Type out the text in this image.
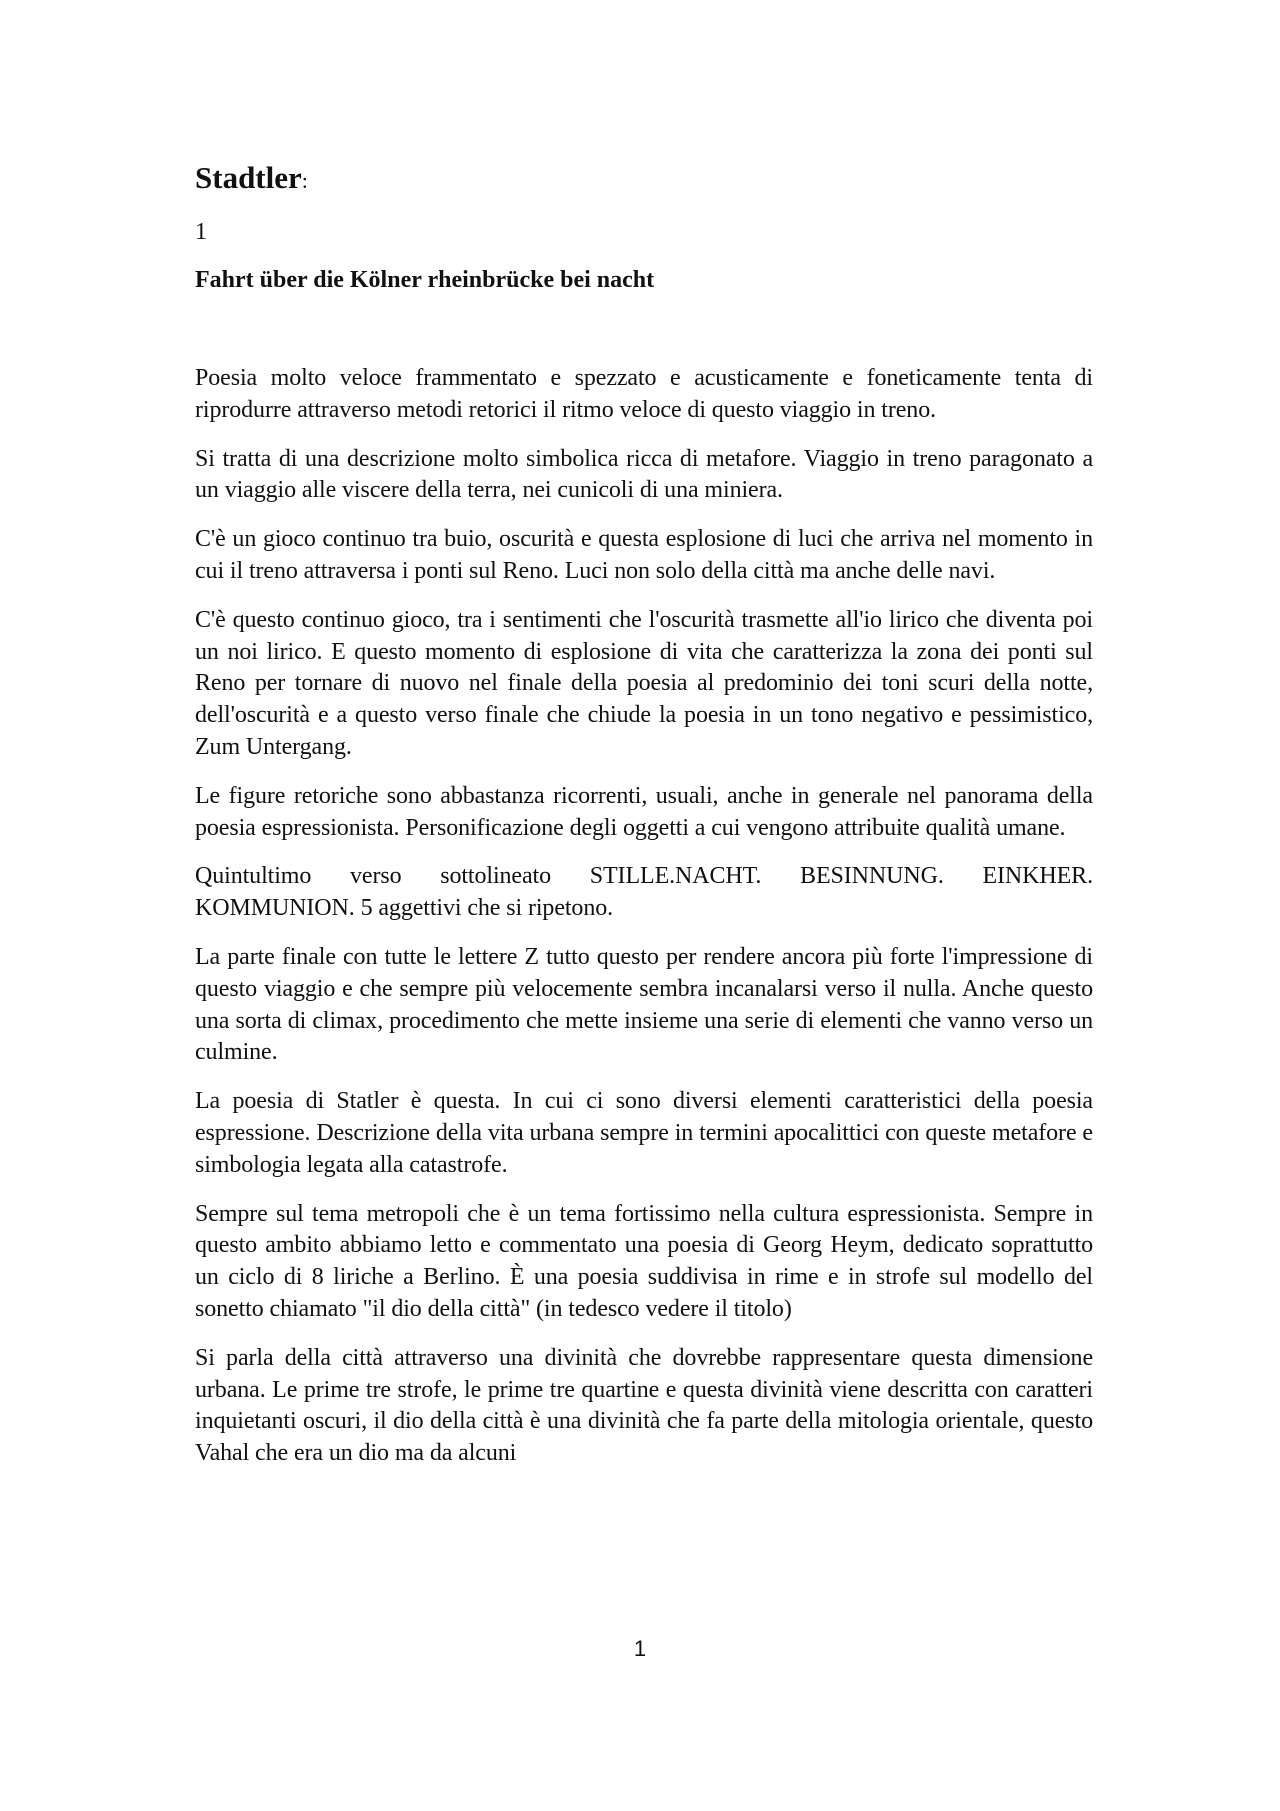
Stadtler:

1

Fahrt über die Kölner rheinbrücke bei nacht

Poesia molto veloce frammentato e spezzato e acusticamente e foneticamente tenta di riprodurre attraverso metodi retorici il ritmo veloce di questo viaggio in treno.

Si tratta di una descrizione molto simbolica ricca di metafore. Viaggio in treno paragonato a un viaggio alle viscere della terra, nei cunicoli di una miniera.

C'è un gioco continuo tra buio, oscurità e questa esplosione di luci che arriva nel momento in cui il treno attraversa i ponti sul Reno. Luci non solo della città ma anche delle navi.

C'è questo continuo gioco, tra i sentimenti che l'oscurità trasmette all'io lirico che diventa poi un noi lirico. E questo momento di esplosione di vita che caratterizza la zona dei ponti sul Reno per tornare di nuovo nel finale della poesia al predominio dei toni scuri della notte, dell'oscurità e a questo verso finale che chiude la poesia in un tono negativo e pessimistico, Zum Untergang.

Le figure retoriche sono abbastanza ricorrenti, usuali, anche in generale nel panorama della poesia espressionista. Personificazione degli oggetti a cui vengono attribuite qualità umane.

Quintultimo verso sottolineato STILLE.NACHT. BESINNUNG. EINKHER. KOMMUNION. 5 aggettivi che si ripetono.

La parte finale con tutte le lettere Z tutto questo per rendere ancora più forte l'impressione di questo viaggio e che sempre più velocemente sembra incanalarsi verso il nulla. Anche questo una sorta di climax, procedimento che mette insieme una serie di elementi che vanno verso un culmine.

La poesia di Statler è questa. In cui ci sono diversi elementi caratteristici della poesia espressione. Descrizione della vita urbana sempre in termini apocalittici con queste metafore e simbologia legata alla catastrofe.

Sempre sul tema metropoli che è un tema fortissimo nella cultura espressionista. Sempre in questo ambito abbiamo letto e commentato una poesia di Georg Heym, dedicato soprattutto un ciclo di 8 liriche a Berlino. È una poesia suddivisa in rime e in strofe sul modello del sonetto chiamato "il dio della città" (in tedesco vedere il titolo)

Si parla della città attraverso una divinità che dovrebbe rappresentare questa dimensione urbana. Le prime tre strofe, le prime tre quartine e questa divinità viene descritta con caratteri inquietanti oscuri, il dio della città è una divinità che fa parte della mitologia orientale, questo Vahal che era un dio ma da alcuni

1
